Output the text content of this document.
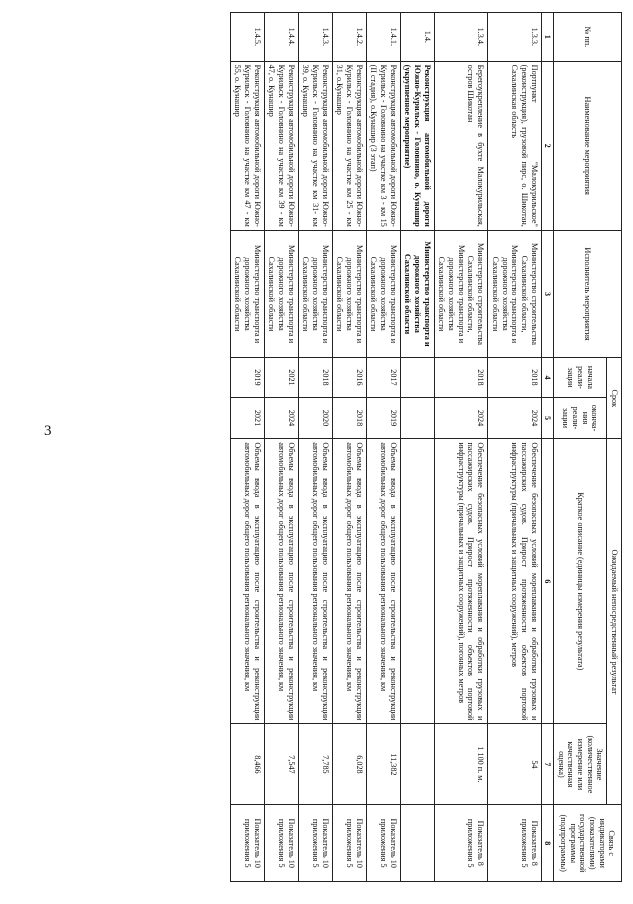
3
№ пп.	Наименование мероприятия	Исполнитель мероприятия	Срок		Ожидаемый непосредственный результат		Связь с индикаторами (показателями) государственной программы (подпрограммы)
			начала реали-зации	оконча-ния реали-зации	Краткое описание (единицы измерения результата)	Значение (количественное измерение или качественная оценка)	
1	2	3	4	5	6	7	8
1.3.3.	Портпункт "Малокурильское" (реконструкция), грузовой пирс, о. Шикотан, Сахалинская область	Министерство строительства Сахалинской области, Министерство транспорта и дорожного хозяйства Сахалинской области	2018	2024	Обеспечение безопасных условий мореплавания и обработки грузовых и пассажирских судов. Прирост протяженности объектов портовой инфраструктуры (причальных и защитных сооружений), метров	54	Показатель 8 приложения 5
1.3.4.	Берегоукрепление в бухте Малокурильская, остров Шикотан	Министерство строительства Сахалинской области, Министерство транспорта и дорожного хозяйства Сахалинской области	2018	2024	Обеспечение безопасных условий мореплавания и обработки грузовых и пассажирских судов. Прирост протяженности объектов портовой инфраструктуры (причальных и защитных сооружений), погонных метров	1 100 п. м.	Показатель 8 приложения 5
1.4.	Реконструкция автомобильной дороги Южно-Курильск - Головнино, о. Кунашир (укрупненное мероприятие)	Министерство транспорта и дорожного хозяйства Сахалинской области					
1.4.1.	Реконструкция автомобильной дороги Южно-Курильск - Головнино на участке км 3 - км 15 (II стадия), о.Кунашир (3 этап)	Министерство транспорта и дорожного хозяйства Сахалинской области	2017	2019	Объемы ввода в эксплуатацию после строительства и реконструкции автомобильных дорог общего пользования регионального значения, км	11,382	Показатель 10 приложения 5
1.4.2.	Реконструкция автомобильной дороги Южно-Курильск - Головнино на участке км 25 - км 31, о.Кунашир	Министерство транспорта и дорожного хозяйства Сахалинской области	2016	2018	Объемы ввода в эксплуатацию после строительства и реконструкции автомобильных дорог общего пользования регионального значения, км	6,028	Показатель 10 приложения 5
1.4.3.	Реконструкция автомобильной дороги Южно-Курильск - Головнино на участке км 31- км 39, о. Кунашир	Министерство транспорта и дорожного хозяйства Сахалинской области	2018	2020	Объемы ввода в эксплуатацию после строительства и реконструкции автомобильных дорог общего пользования регионального значения, км	7,785	Показатель 10 приложения 5
1.4.4.	Реконструкция автомобильной дороги Южно-Курильск - Головнино на участке км 39 - км 47, о. Кунашир	Министерство транспорта и дорожного хозяйства Сахалинской области	2021	2024	Объемы ввода в эксплуатацию после строительства и реконструкции автомобильных дорог общего пользования регионального значения, км	7,547	Показатель 10 приложения 5
1.4.5.	Реконструкция автомобильной дороги Южно-Курильск - Головнино на участке км 47 - км 55, о. Кунашир	Министерство транспорта и дорожного хозяйства Сахалинской области	2019	2021	Объемы ввода в эксплуатацию после строительства и реконструкции автомобильных дорог общего пользования регионального значения, км	8,466	Показатель 10 приложения 5
